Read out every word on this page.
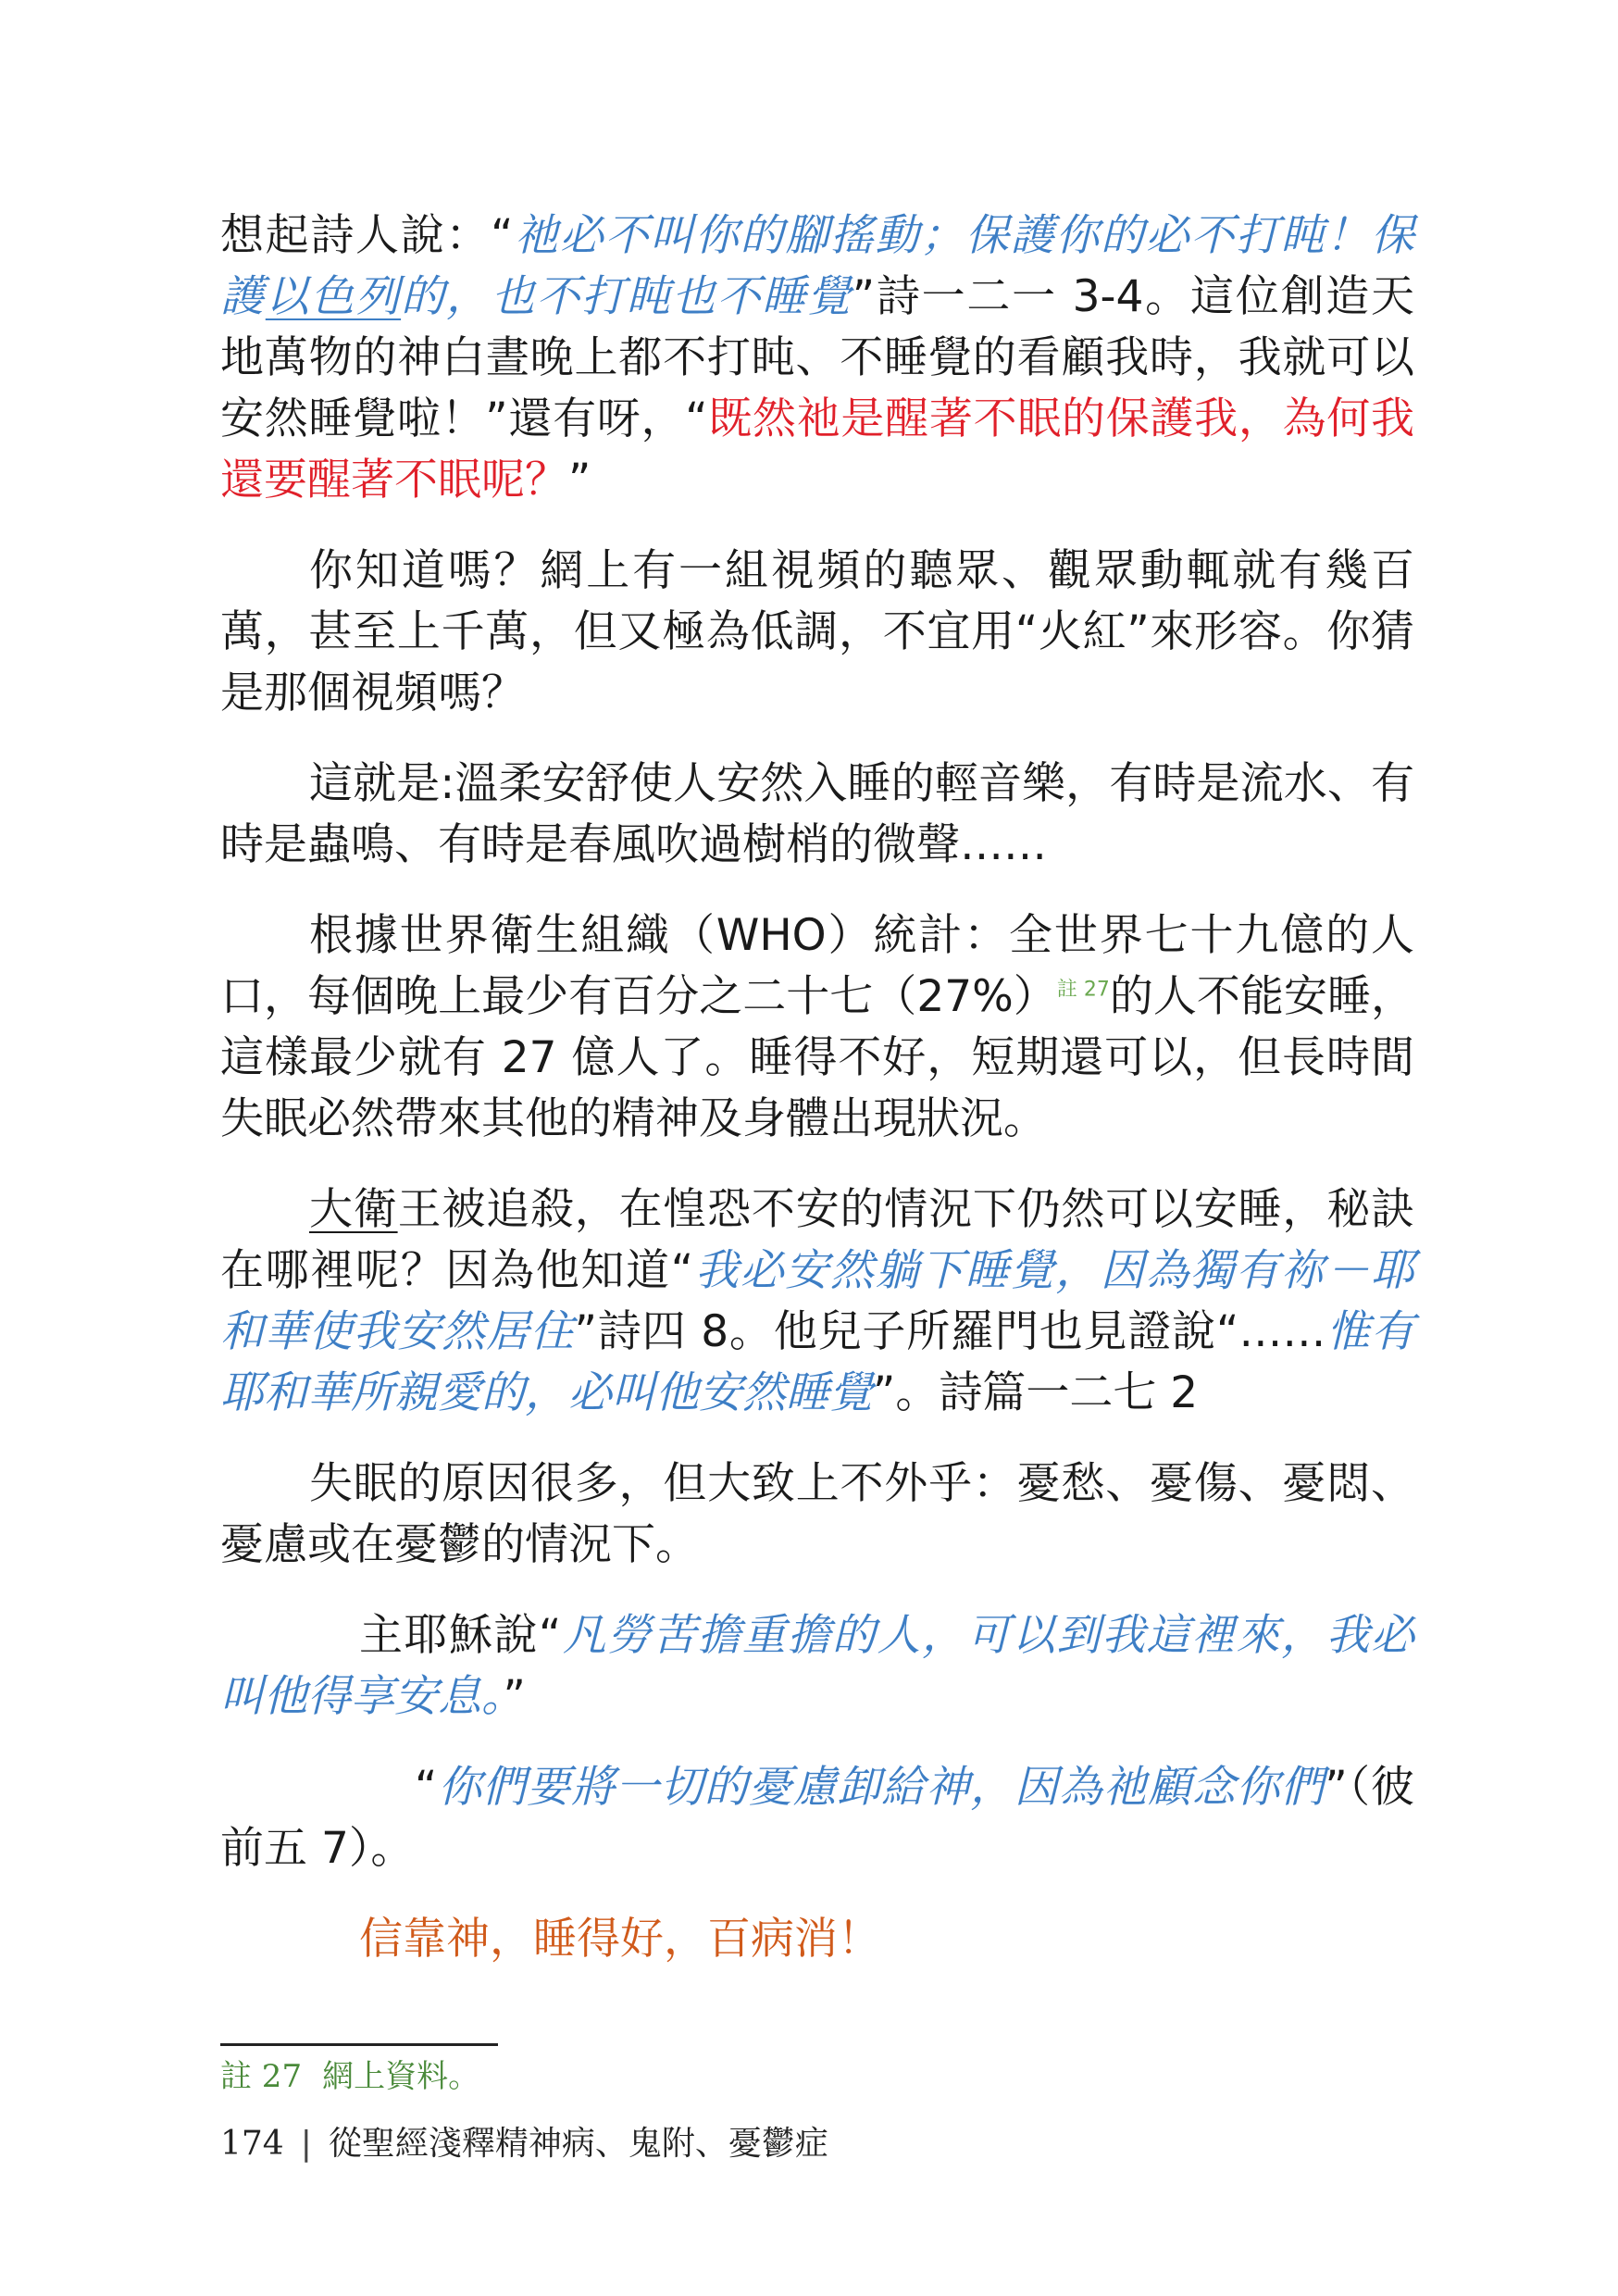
想起詩人說：“祂必不叫你的腳搖動；保護你的必不打盹！保護以色列的，也不打盹也不睡覺”詩一二一 3-4。這位創造天地萬物的神白晝晚上都不打盹、不睡覺的看顧我時，我就可以安然睡覺啦！”還有呀，“既然祂是醒著不眠的保護我，為何我還要醒著不眠呢？”

你知道嗎？網上有一組視頻的聽眾、觀眾動輒就有幾百萬，甚至上千萬，但又極為低調，不宜用“火紅”來形容。你猜是那個視頻嗎？

這就是:溫柔安舒使人安然入睡的輕音樂，有時是流水、有時是蟲鳴、有時是春風吹過樹梢的微聲……

根據世界衛生組織（WHO）統計：全世界七十九億的人口，每個晚上最少有百分之二十七（27%）$^{註 27}$的人不能安睡，這樣最少就有 27 億人了。睡得不好，短期還可以，但長時間失眠必然帶來其他的精神及身體出現狀況。

大衛王被追殺，在惶恐不安的情況下仍然可以安睡，秘訣在哪裡呢？因為他知道“我必安然躺下睡覺，因為獨有祢－耶和華使我安然居住”詩四 8。他兒子所羅門也見證說“……惟有耶和華所親愛的，必叫他安然睡覺”。詩篇一二七 2

失眠的原因很多，但大致上不外乎：憂愁、憂傷、憂悶、憂慮或在憂鬱的情況下。

主耶穌說“凡勞苦擔重擔的人，可以到我這裡來，我必叫他得享安息。”

“你們要將一切的憂慮卸給神，因為祂顧念你們”（彼前五 7）。

信靠神，睡得好，百病消！

註 27 網上資料。
174 | 從聖經淺釋精神病、鬼附、憂鬱症
